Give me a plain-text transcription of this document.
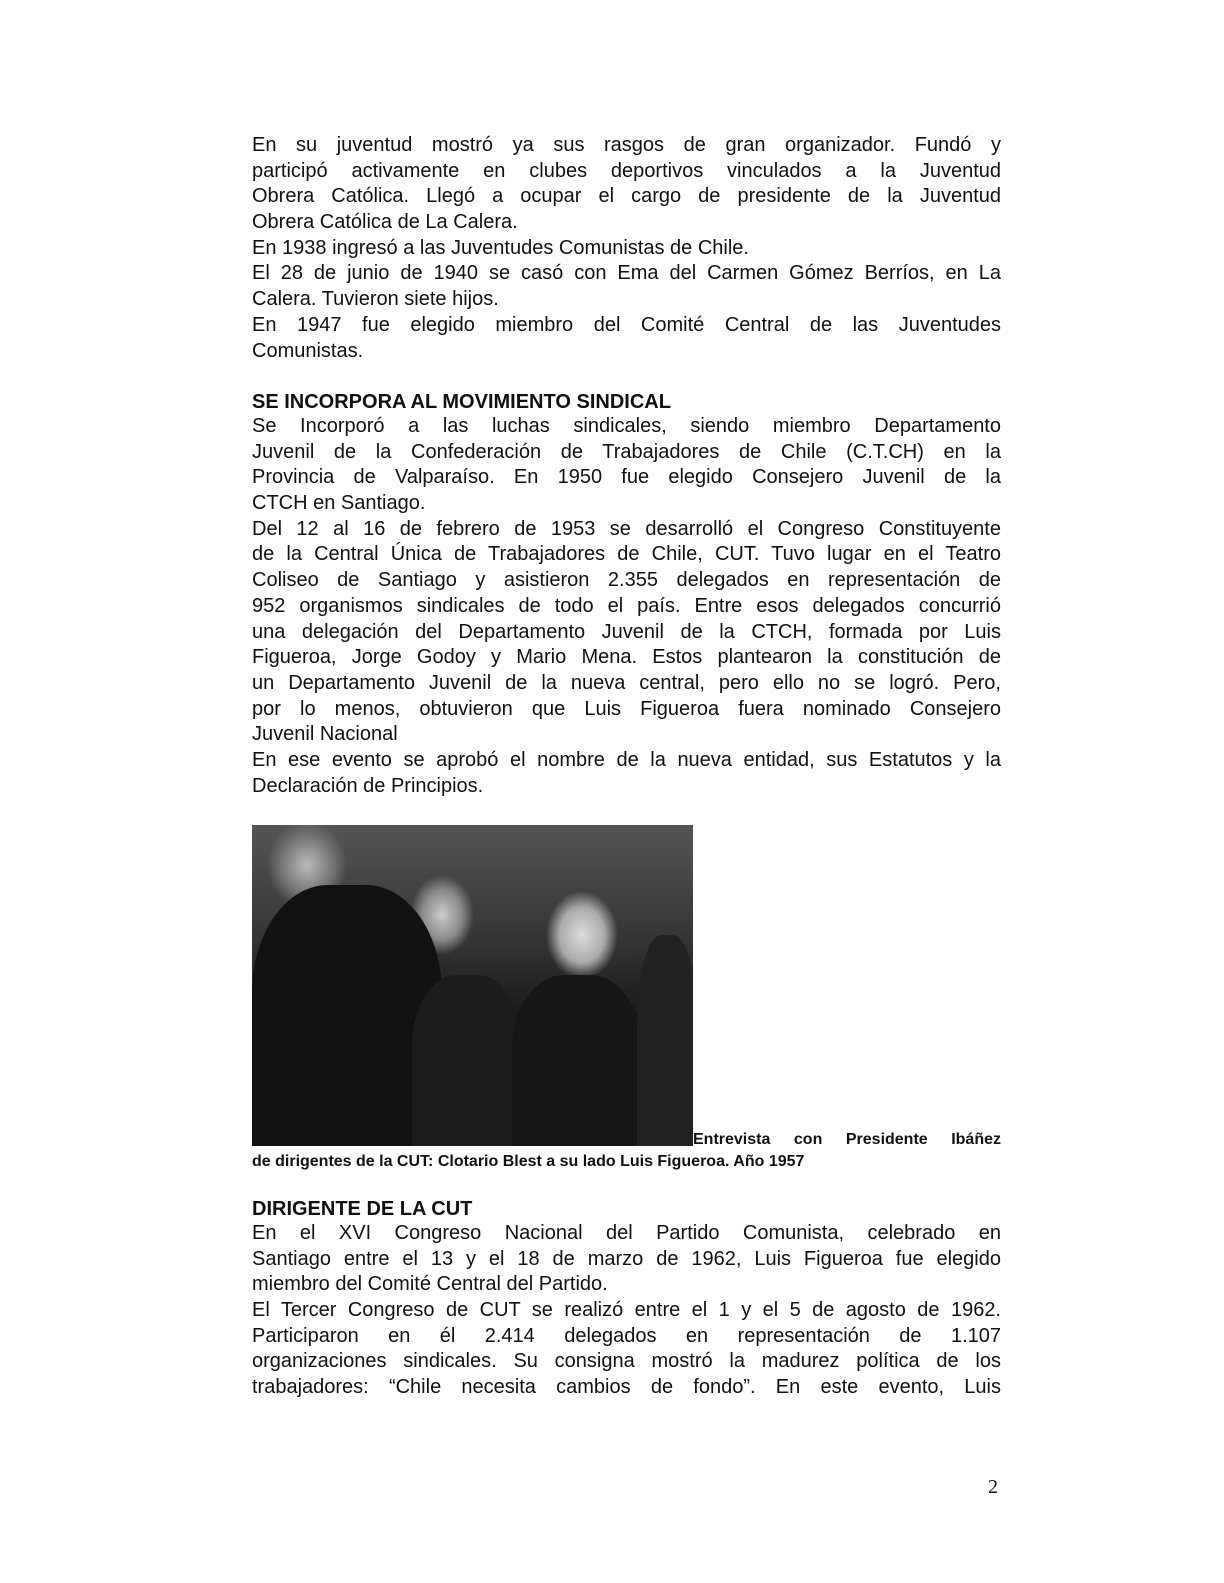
En su juventud mostró ya sus rasgos de gran organizador. Fundó y
participó activamente en clubes deportivos vinculados a la Juventud
Obrera Católica. Llegó a ocupar el cargo de presidente de la Juventud
Obrera Católica de La Calera.
En 1938 ingresó a las Juventudes Comunistas de Chile.
El 28 de junio de 1940 se casó con Ema del Carmen Gómez Berríos, en La
Calera. Tuvieron siete hijos.
En 1947 fue elegido miembro del Comité Central de las Juventudes
Comunistas.
SE INCORPORA AL MOVIMIENTO SINDICAL
Se Incorporó a las luchas sindicales, siendo miembro Departamento
Juvenil de la Confederación de Trabajadores de Chile (C.T.CH) en la
Provincia de Valparaíso. En 1950 fue elegido Consejero Juvenil de la
CTCH en Santiago.
Del 12 al 16 de febrero de 1953 se desarrolló el Congreso Constituyente
de la Central Única de Trabajadores de Chile, CUT. Tuvo lugar en el Teatro
Coliseo de Santiago y asistieron 2.355 delegados en representación de
952 organismos sindicales de todo el país. Entre esos delegados concurrió
una delegación del Departamento Juvenil de la CTCH, formada por Luis
Figueroa, Jorge Godoy y Mario Mena. Estos plantearon la constitución de
un Departamento Juvenil de la nueva central, pero ello no se logró. Pero,
por lo menos, obtuvieron que Luis Figueroa fuera nominado Consejero
Juvenil Nacional
En ese evento se aprobó el nombre de la nueva entidad, sus Estatutos y la
Declaración de Principios.
Entrevista con Presidente Ibáñez
de dirigentes de la CUT: Clotario Blest a su lado Luis Figueroa. Año 1957
DIRIGENTE DE LA CUT
En el XVI Congreso Nacional del Partido Comunista, celebrado en
Santiago entre el 13 y el 18 de marzo de 1962, Luis Figueroa fue elegido
miembro del Comité Central del Partido.
El Tercer Congreso de CUT se realizó entre el 1 y el 5 de agosto de 1962.
Participaron en él 2.414 delegados en representación de 1.107
organizaciones sindicales. Su consigna mostró la madurez política de los
trabajadores: “Chile necesita cambios de fondo”. En este evento, Luis
2
